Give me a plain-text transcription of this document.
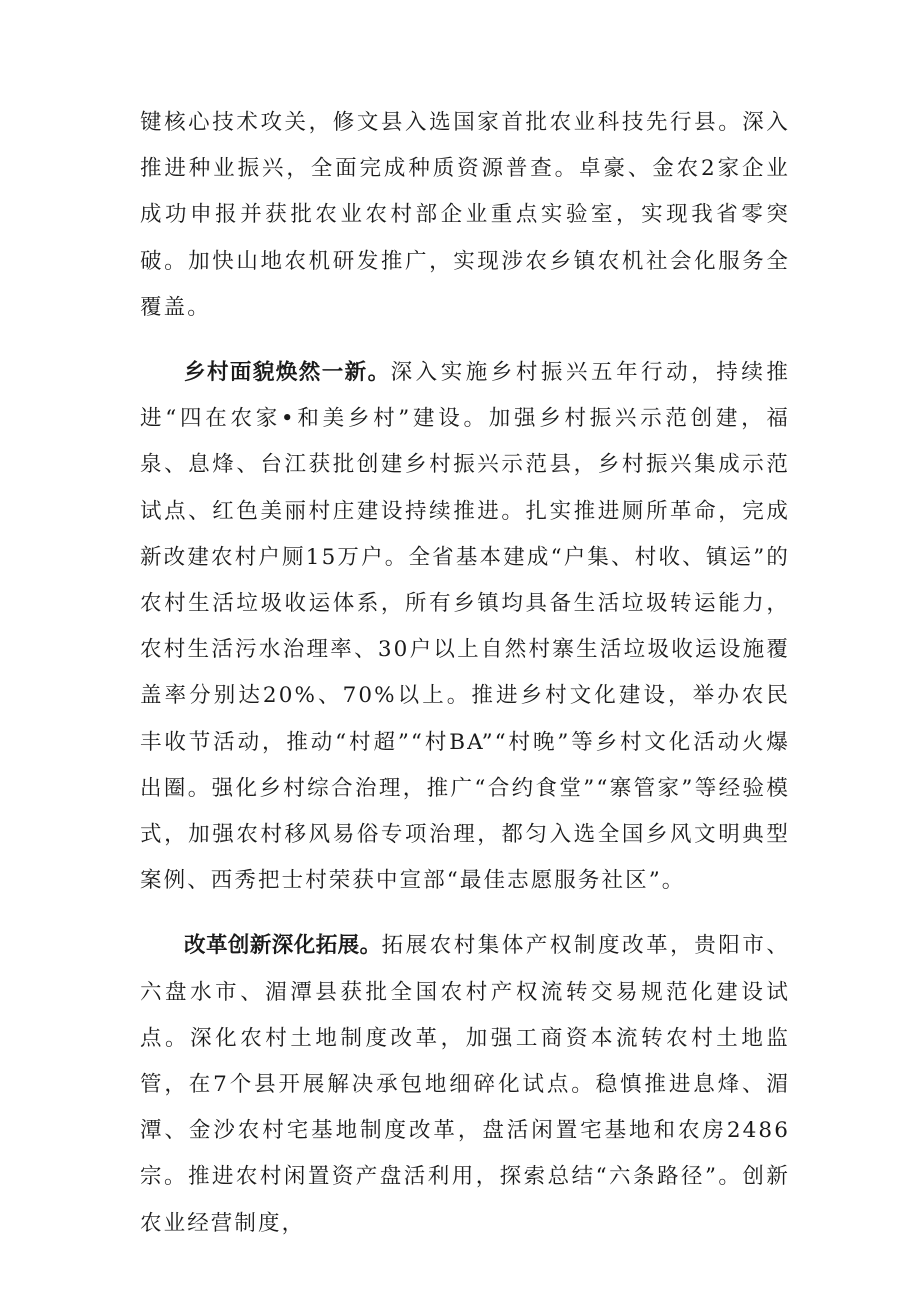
键核心技术攻关，修文县入选国家首批农业科技先行县。深入推进种业振兴，全面完成种质资源普查。卓豪、金农2家企业成功申报并获批农业农村部企业重点实验室，实现我省零突破。加快山地农机研发推广，实现涉农乡镇农机社会化服务全覆盖。

乡村面貌焕然一新。深入实施乡村振兴五年行动，持续推进“四在农家•和美乡村”建设。加强乡村振兴示范创建，福泉、息烽、台江获批创建乡村振兴示范县，乡村振兴集成示范试点、红色美丽村庄建设持续推进。扎实推进厕所革命，完成新改建农村户厕15万户。全省基本建成“户集、村收、镇运”的农村生活垃圾收运体系，所有乡镇均具备生活垃圾转运能力，农村生活污水治理率、30户以上自然村寨生活垃圾收运设施覆盖率分别达20%、70%以上。推进乡村文化建设，举办农民丰收节活动，推动“村超”“村BA”“村晚”等乡村文化活动火爆出圈。强化乡村综合治理，推广“合约食堂”“寨管家”等经验模式，加强农村移风易俗专项治理，都匀入选全国乡风文明典型案例、西秀把士村荣获中宣部“最佳志愿服务社区”。

改革创新深化拓展。拓展农村集体产权制度改革，贵阳市、六盘水市、湄潭县获批全国农村产权流转交易规范化建设试点。深化农村土地制度改革，加强工商资本流转农村土地监管，在7个县开展解决承包地细碎化试点。稳慎推进息烽、湄潭、金沙农村宅基地制度改革，盘活闲置宅基地和农房2486宗。推进农村闲置资产盘活利用，探索总结“六条路径”。创新农业经营制度，
